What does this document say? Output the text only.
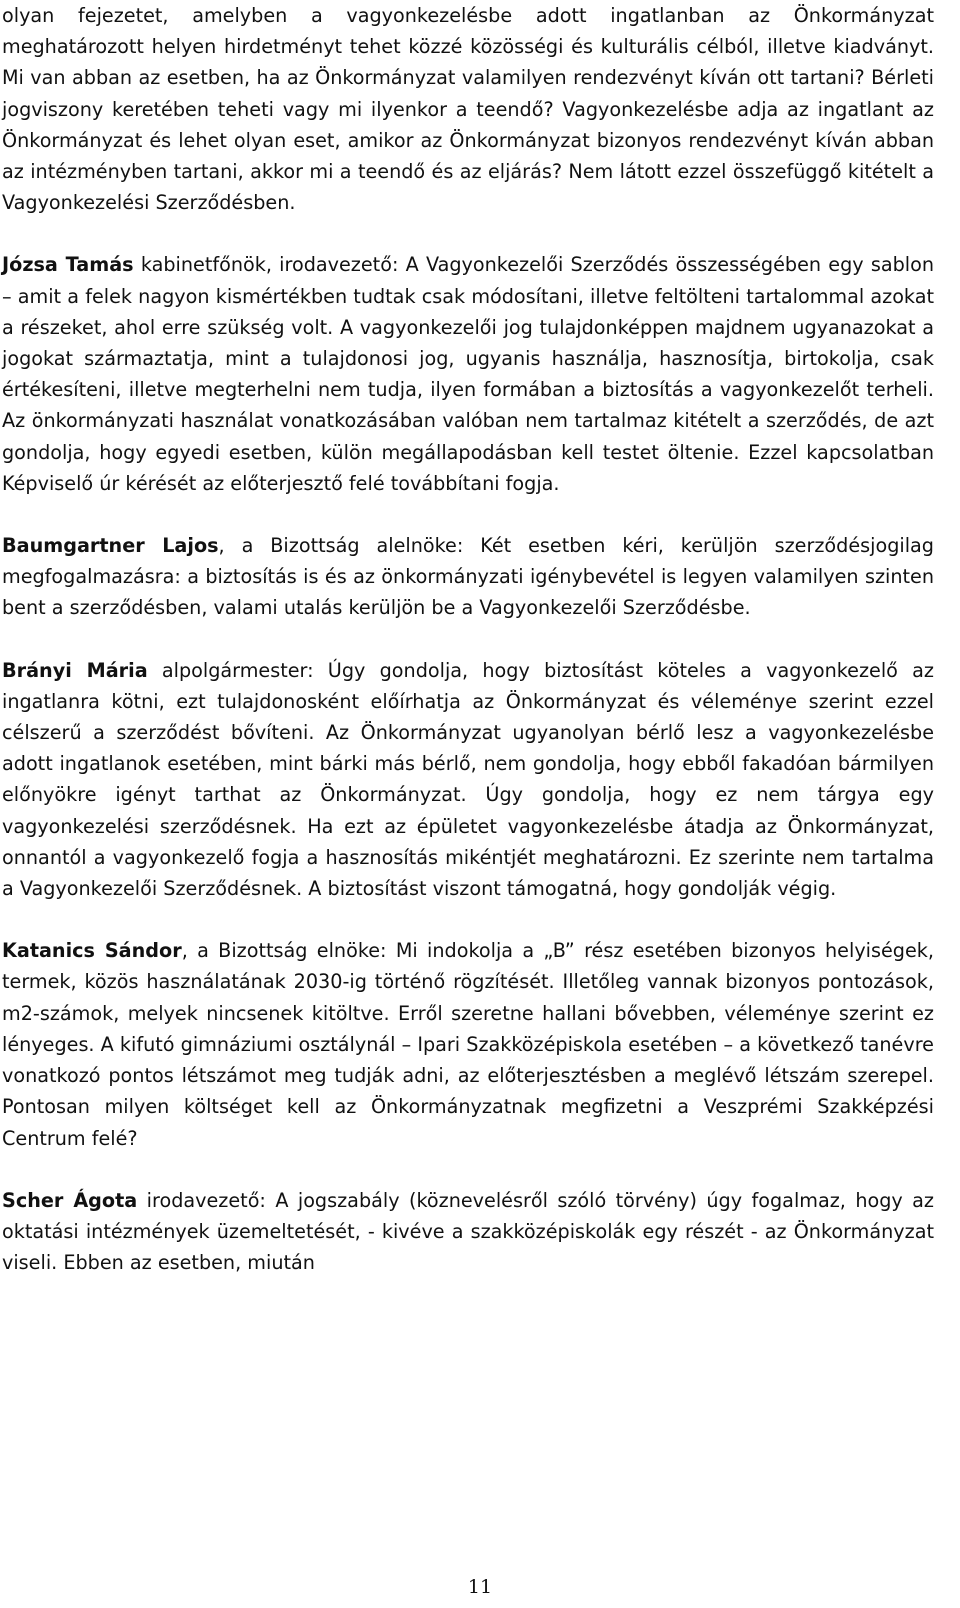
olyan fejezetet, amelyben a vagyonkezelésbe adott ingatlanban az Önkormányzat meghatározott helyen hirdetményt tehet közzé közösségi és kulturális célból, illetve kiadványt. Mi van abban az esetben, ha az Önkormányzat valamilyen rendezvényt kíván ott tartani? Bérleti jogviszony keretében teheti vagy mi ilyenkor a teendő? Vagyonkezelésbe adja az ingatlant az Önkormányzat és lehet olyan eset, amikor az Önkormányzat bizonyos rendezvényt kíván abban az intézményben tartani, akkor mi a teendő és az eljárás? Nem látott ezzel összefüggő kitételt a Vagyonkezelési Szerződésben.

Józsa Tamás kabinetfőnök, irodavezető: A Vagyonkezelői Szerződés összességében egy sablon – amit a felek nagyon kismértékben tudtak csak módosítani, illetve feltölteni tartalommal azokat a részeket, ahol erre szükség volt. A vagyonkezelői jog tulajdonképpen majdnem ugyanazokat a jogokat származtatja, mint a tulajdonosi jog, ugyanis használja, hasznosítja, birtokolja, csak értékesíteni, illetve megterhelni nem tudja, ilyen formában a biztosítás a vagyonkezelőt terheli. Az önkormányzati használat vonatkozásában valóban nem tartalmaz kitételt a szerződés, de azt gondolja, hogy egyedi esetben, külön megállapodásban kell testet öltenie. Ezzel kapcsolatban Képviselő úr kérését az előterjesztő felé továbbítani fogja.

Baumgartner Lajos, a Bizottság alelnöke: Két esetben kéri, kerüljön szerződésjogilag megfogalmazásra: a biztosítás is és az önkormányzati igénybevétel is legyen valamilyen szinten bent a szerződésben, valami utalás kerüljön be a Vagyonkezelői Szerződésbe.

Brányi Mária alpolgármester: Úgy gondolja, hogy biztosítást köteles a vagyonkezelő az ingatlanra kötni, ezt tulajdonosként előírhatja az Önkormányzat és véleménye szerint ezzel célszerű a szerződést bővíteni. Az Önkormányzat ugyanolyan bérlő lesz a vagyonkezelésbe adott ingatlanok esetében, mint bárki más bérlő, nem gondolja, hogy ebből fakadóan bármilyen előnyökre igényt tarthat az Önkormányzat. Úgy gondolja, hogy ez nem tárgya egy vagyonkezelési szerződésnek. Ha ezt az épületet vagyonkezelésbe átadja az Önkormányzat, onnantól a vagyonkezelő fogja a hasznosítás mikéntjét meghatározni. Ez szerinte nem tartalma a Vagyonkezelői Szerződésnek. A biztosítást viszont támogatná, hogy gondolják végig.

Katanics Sándor, a Bizottság elnöke: Mi indokolja a „B” rész esetében bizonyos helyiségek, termek, közös használatának 2030-ig történő rögzítését. Illetőleg vannak bizonyos pontozások, m2-számok, melyek nincsenek kitöltve. Erről szeretne hallani bővebben, véleménye szerint ez lényeges. A kifutó gimnáziumi osztálynál – Ipari Szakközépiskola esetében – a következő tanévre vonatkozó pontos létszámot meg tudják adni, az előterjesztésben a meglévő létszám szerepel. Pontosan milyen költséget kell az Önkormányzatnak megfizetni a Veszprémi Szakképzési Centrum felé?

Scher Ágota irodavezető: A jogszabály (köznevelésről szóló törvény) úgy fogalmaz, hogy az oktatási intézmények üzemeltetését, - kivéve a szakközépiskolák egy részét - az Önkormányzat viseli. Ebben az esetben, miután

11
